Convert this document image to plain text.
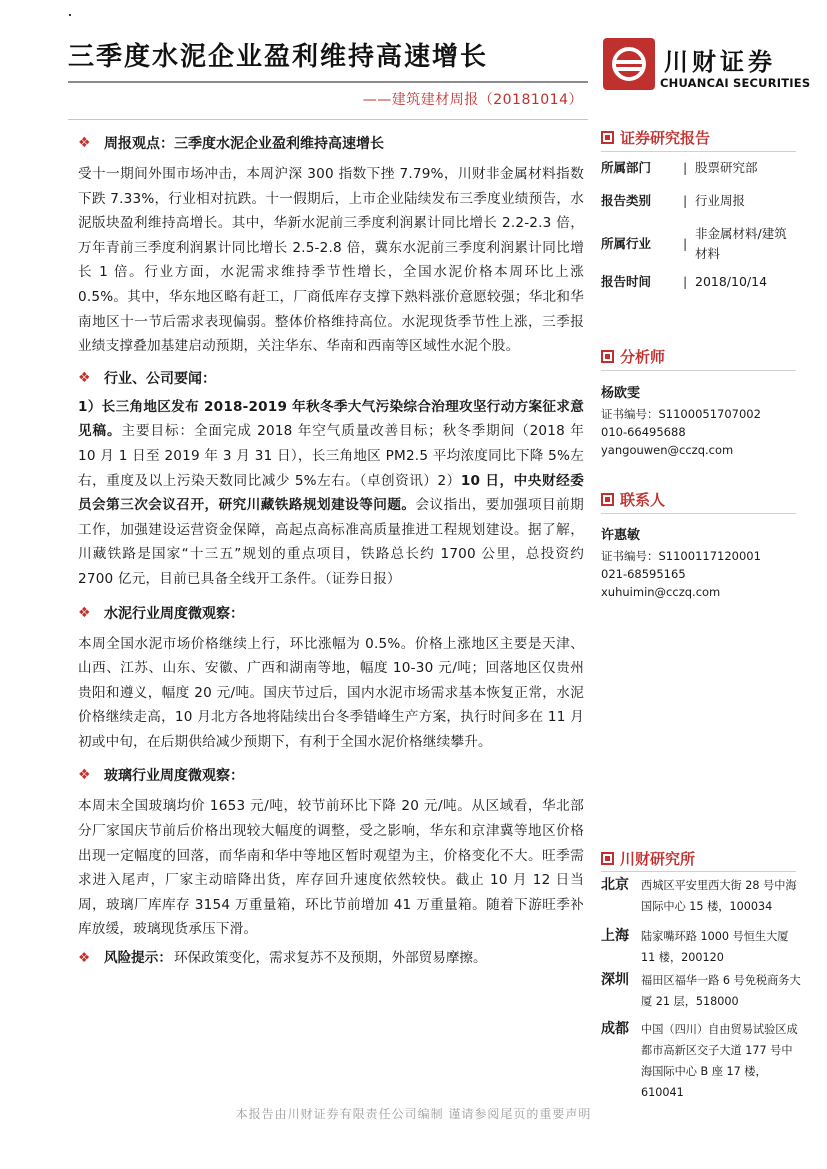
三季度水泥企业盈利维持高速增长
——建筑建材周报（20181014）
川财证券
CHUANCAI SECURITIES
❖ 周报观点：三季度水泥企业盈利维持高速增长

受十一期间外围市场冲击，本周沪深 300 指数下挫 7.79%，川财非金属材料指数下跌 7.33%，行业相对抗跌。十一假期后，上市企业陆续发布三季度业绩预告，水泥版块盈利维持高增长。其中，华新水泥前三季度利润累计同比增长 2.2-2.3 倍，万年青前三季度利润累计同比增长 2.5-2.8 倍，冀东水泥前三季度利润累计同比增长 1 倍。行业方面，水泥需求维持季节性增长，全国水泥价格本周环比上涨 0.5%。其中，华东地区略有赶工，厂商低库存支撑下熟料涨价意愿较强；华北和华南地区十一节后需求表现偏弱。整体价格维持高位。水泥现货季节性上涨，三季报业绩支撑叠加基建启动预期，关注华东、华南和西南等区域性水泥个股。

❖ 行业、公司要闻：

1）长三角地区发布 2018-2019 年秋冬季大气污染综合治理攻坚行动方案征求意见稿。主要目标：全面完成 2018 年空气质量改善目标；秋冬季期间（2018 年 10 月 1 日至 2019 年 3 月 31 日），长三角地区 PM2.5 平均浓度同比下降 5%左右，重度及以上污染天数同比减少 5%左右。（卓创资讯）2）10 日，中央财经委员会第三次会议召开，研究川藏铁路规划建设等问题。会议指出，要加强项目前期工作，加强建设运营资金保障，高起点高标准高质量推进工程规划建设。据了解，川藏铁路是国家“十三五”规划的重点项目，铁路总长约 1700 公里，总投资约 2700 亿元，目前已具备全线开工条件。（证券日报）

❖ 水泥行业周度微观察：

本周全国水泥市场价格继续上行，环比涨幅为 0.5%。价格上涨地区主要是天津、山西、江苏、山东、安徽、广西和湖南等地，幅度 10-30 元/吨；回落地区仅贵州贵阳和遵义，幅度 20 元/吨。国庆节过后，国内水泥市场需求基本恢复正常，水泥价格继续走高，10 月北方各地将陆续出台冬季错峰生产方案，执行时间多在 11 月初或中旬，在后期供给减少预期下，有利于全国水泥价格继续攀升。

❖ 玻璃行业周度微观察：

本周末全国玻璃均价 1653 元/吨，较节前环比下降 20 元/吨。从区域看，华北部分厂家国庆节前后价格出现较大幅度的调整，受之影响，华东和京津冀等地区价格出现一定幅度的回落，而华南和华中等地区暂时观望为主，价格变化不大。旺季需求进入尾声，厂家主动暗降出货，库存回升速度依然较快。截止 10 月 12 日当周，玻璃厂库库存 3154 万重量箱，环比节前增加 41 万重量箱。随着下游旺季补库放缓，玻璃现货承压下滑。

❖	风险提示： 环保政策变化，需求复苏不及预期，外部贸易摩擦。
证券研究报告
所属部门	| 股票研究部
报告类别	| 行业周报
所属行业	|
非金属材料/建筑材料
报告时间	| 2018/10/14
分析师
杨欧雯
证书编号：S1100051707002
010-66495688
yangouwen@cczq.com
联系人
许惠敏
证书编号：S1100117120001
021-68595165
xuhuimin@cczq.com
川财研究所
北京	西城区平安里西大街 28 号中海国际中心 15 楼，100034
上海	陆家嘴环路 1000 号恒生大厦 11 楼，200120
深圳	福田区福华一路 6 号免税商务大厦 21 层，518000
成都	中国（四川）自由贸易试验区成都市高新区交子大道 177 号中海国际中心 B 座 17 楼，610041
本报告由川财证券有限责任公司编制 谨请参阅尾页的重要声明
